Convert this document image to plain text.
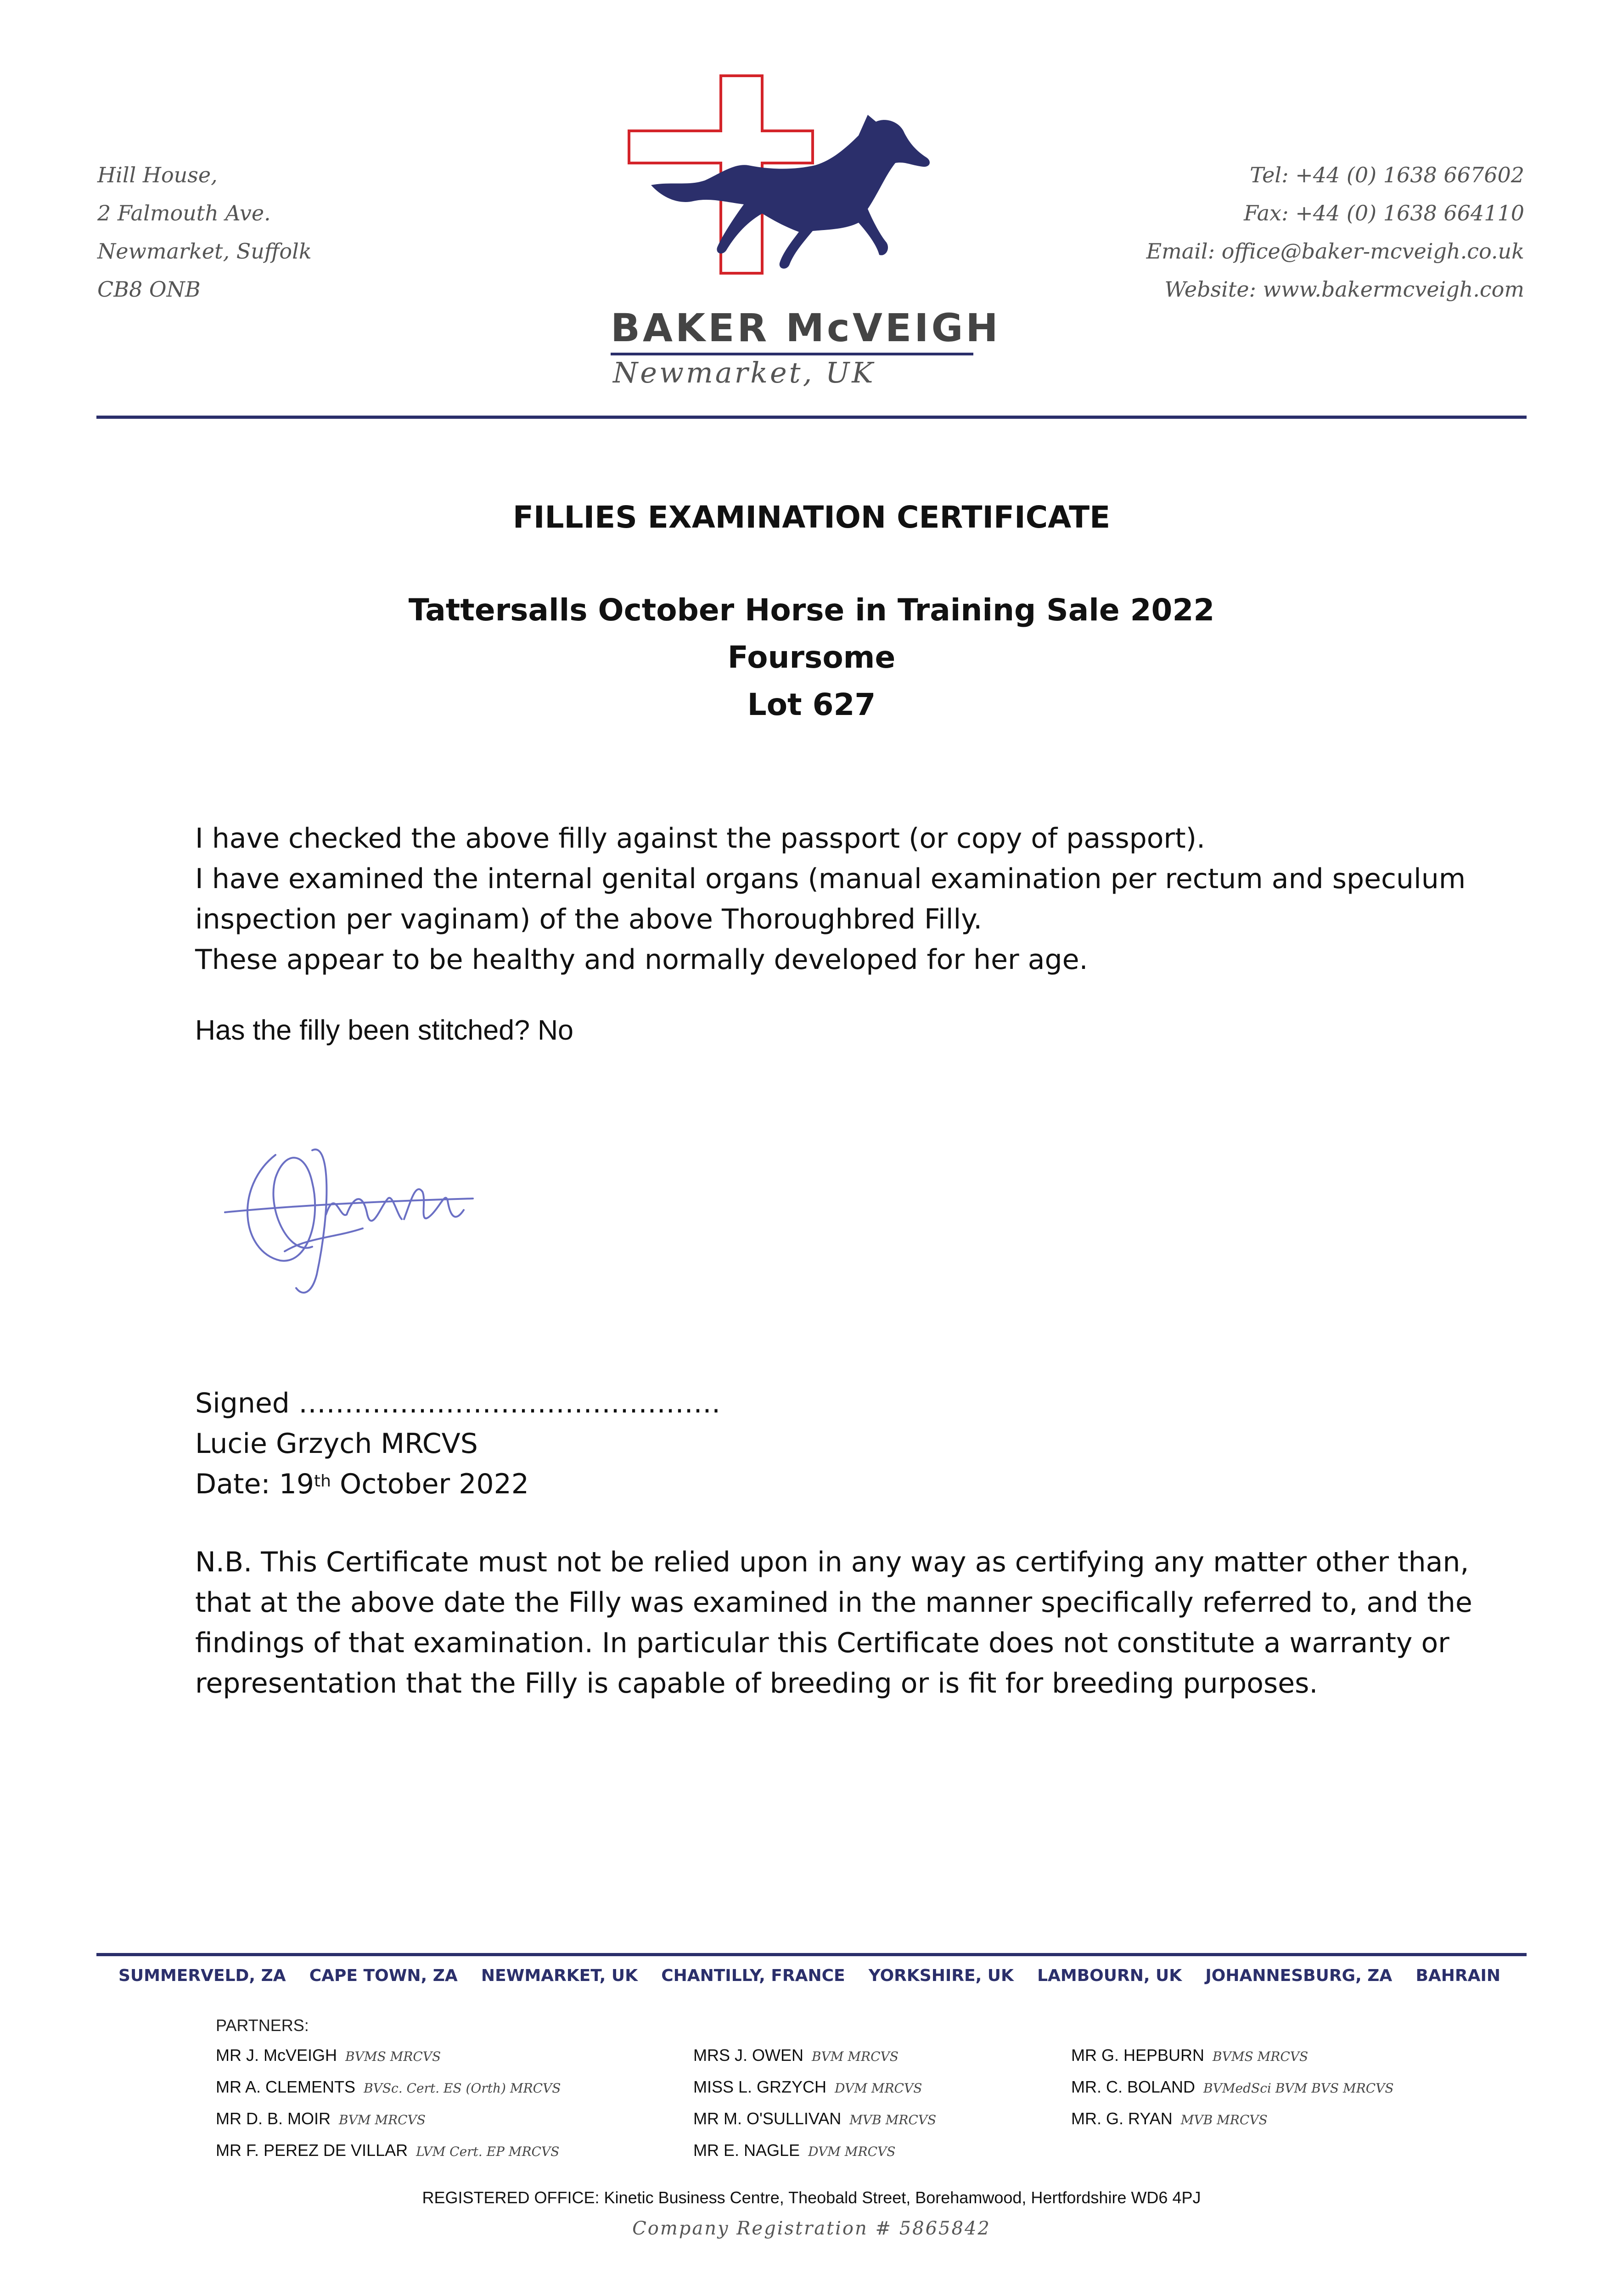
Hill House,
2 Falmouth Ave.
Newmarket, Suffolk
CB8 ONB
BAKER McVEIGH
Newmarket, UK
Tel: +44 (0) 1638 667602
Fax: +44 (0) 1638 664110
Email: office@baker-mcveigh.co.uk
Website: www.bakermcveigh.com
FILLIES EXAMINATION CERTIFICATE
Tattersalls October Horse in Training Sale 2022
Foursome
Lot 627
I have checked the above filly against the passport (or copy of passport).
I have examined the internal genital organs (manual examination per rectum and speculum
inspection per vaginam) of the above Thoroughbred Filly.
These appear to be healthy and normally developed for her age.
Has the filly been stitched? No
Signed ……………………………………….
Lucie Grzych MRCVS
Date: 19th October 2022
N.B. This Certificate must not be relied upon in any way as certifying any matter other than,
that at the above date the Filly was examined in the manner specifically referred to, and the
findings of that examination. In particular this Certificate does not constitute a warranty or
representation that the Filly is capable of breeding or is fit for breeding purposes.
SUMMERVELD, ZA CAPE TOWN, ZA NEWMARKET, UK CHANTILLY, FRANCE YORKSHIRE, UK LAMBOURN, UK JOHANNESBURG, ZA BAHRAIN
PARTNERS:
MR J. McVEIGH BVMS MRCVS
MR A. CLEMENTS BVSc. Cert. ES (Orth) MRCVS
MR D. B. MOIR BVM MRCVS
MR F. PEREZ DE VILLAR LVM Cert. EP MRCVS
MRS J. OWEN BVM MRCVS
MISS L. GRZYCH DVM MRCVS
MR M. O'SULLIVAN MVB MRCVS
MR E. NAGLE DVM MRCVS
MR G. HEPBURN BVMS MRCVS
MR. C. BOLAND BVMedSci BVM BVS MRCVS
MR. G. RYAN MVB MRCVS
REGISTERED OFFICE: Kinetic Business Centre, Theobald Street, Borehamwood, Hertfordshire WD6 4PJ
Company Registration # 5865842
